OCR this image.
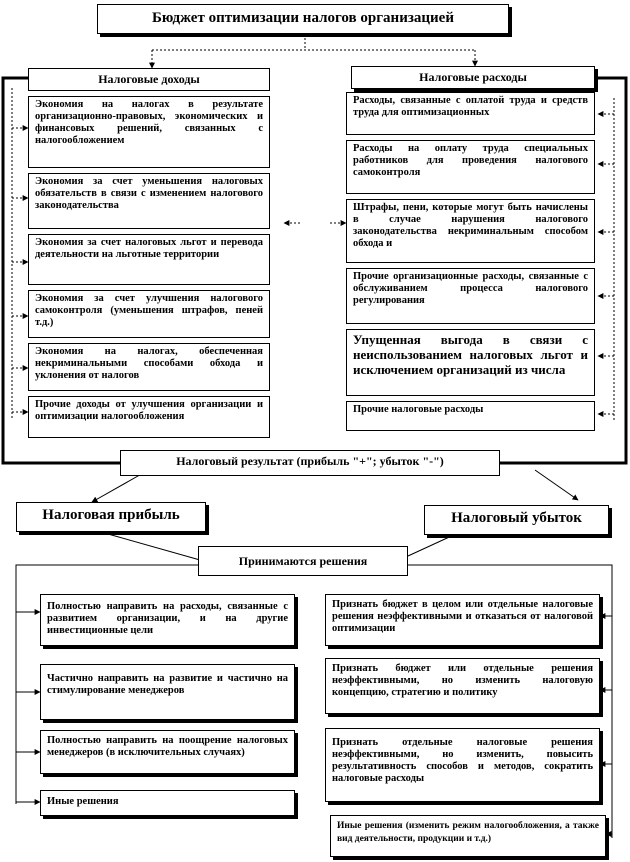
Бюджет оптимизации налогов организацией
Налоговые доходы
Экономия на налогах в результате организационно-правовых, экономических и финансовых решений, связанных с налогообложением
Экономия за счет уменьшения налоговых обязательств в связи с изменением налогового законодательства
Экономия за счет налоговых льгот и перевода деятельности на льготные территории
Экономия за счет улучшения налогового самоконтроля (уменьшения штрафов, пеней т.д.)
Экономия на налогах, обеспеченная некриминальными способами обхода и уклонения от налогов
Прочие доходы от улучшения организации и оптимизации налогообложения
Налоговые расходы
Расходы, связанные с оплатой труда и средств труда для оптимизационных
Расходы на оплату труда специальных работников для проведения налогового самоконтроля
Штрафы, пени, которые могут быть начислены в случае нарушения налогового законодательства некриминальным способом обхода и
Прочие организационные расходы, связанные с обслуживанием процесса налогового регулирования
Упущенная выгода в связи с неиспользованием налоговых льгот и исключением организаций из числа
Прочие налоговые расходы
Налоговый результат (прибыль "+"; убыток "-")
Налоговая прибыль	Налоговый убыток
Принимаются решения
Полностью направить на расходы, связанные с развитием организации, и на другие инвестиционные цели
Частично направить на развитие и частично на стимулирование менеджеров
Полностью направить на поощрение налоговых менеджеров (в исключительных случаях)
Иные решения
Признать бюджет в целом или отдельные налоговые решения неэффективными и отказаться от налоговой оптимизации
Признать бюджет или отдельные решения неэффективными, но изменить налоговую концепцию, стратегию и политику
Признать отдельные налоговые решения неэффективными, но изменить, повысить результативность способов и методов, сократить налоговые расходы
Иные решения (изменить режим налогообложения, а также вид деятельности, продукции и т.д.)
